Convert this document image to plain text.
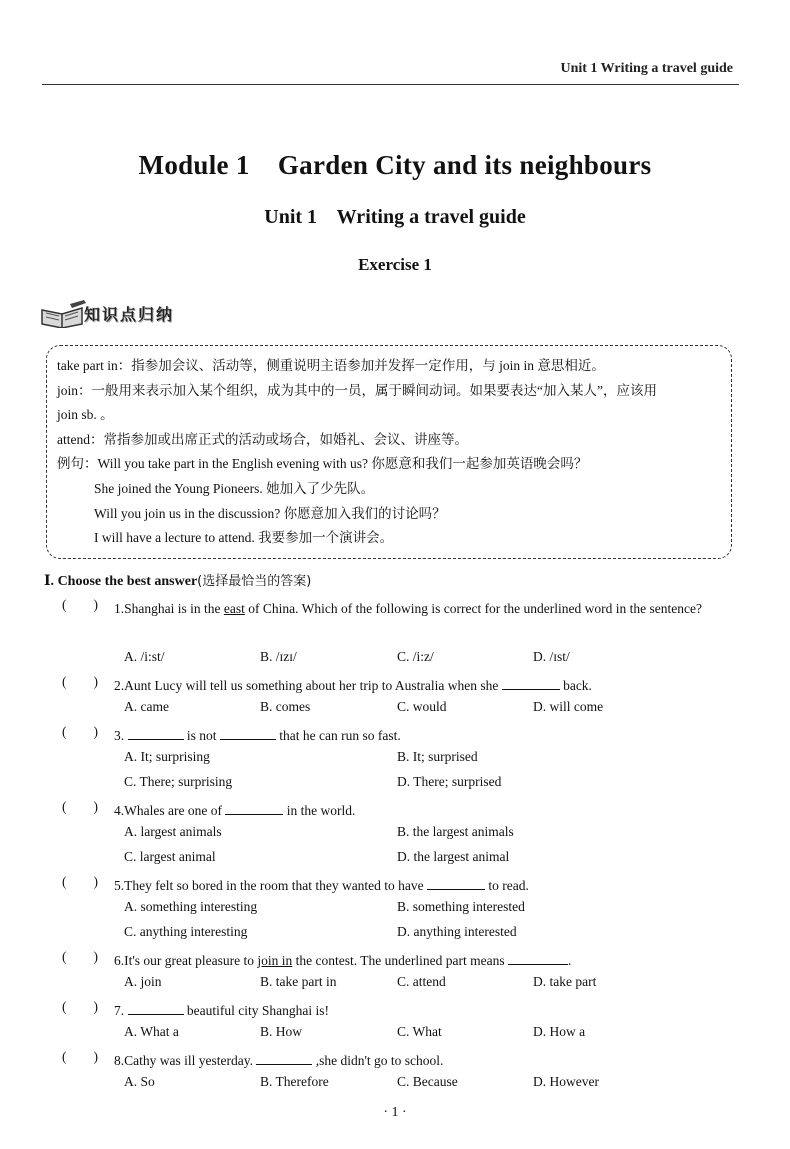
Unit 1 Writing a travel guide
Module 1    Garden City and its neighbours
Unit 1    Writing a travel guide
Exercise 1
知识点归纳
take part in：指参加会议、活动等，侧重说明主语参加并发挥一定作用，与 join in 意思相近。
join：一般用来表示加入某个组织，成为其中的一员，属于瞬间动词。如果要表达“加入某人”，应该用
join sb. 。
attend：常指参加或出席正式的活动或场合，如婚礼、会议、讲座等。
例句：Will you take part in the English evening with us? 你愿意和我们一起参加英语晚会吗？
She joined the Young Pioneers. 她加入了少先队。
Will you join us in the discussion? 你愿意加入我们的讨论吗？
I will have a lecture to attend. 我要参加一个演讲会。
Ⅰ. Choose the best answer(选择最恰当的答案)
(        ) 1.Shanghai is in the east of China. Which of the following is correct for the underlined word in the sentence?
A. /i:st/	B. /ɪzɪ/	C. /i:z/	D. /ɪst/
(        ) 2.Aunt Lucy will tell us something about her trip to Australia when she	back.
A. came	B. comes	C. would	D. will come
(        ) 3.	is not	that he can run so fast.
A. It; surprising	B. It; surprised
C. There; surprising	D. There; surprised
(        ) 4.Whales are one of	in the world.
A. largest animals	B. the largest animals
C. largest animal	D. the largest animal
(        ) 5.They felt so bored in the room that they wanted to have	to read.
A. something interesting	B. something interested
C. anything interesting	D. anything interested
(        ) 6.It's our great pleasure to join in the contest. The underlined part means	.
A. join	B. take part in	C. attend	D. take part
(        ) 7.	beautiful city Shanghai is!
A. What a	B. How	C. What	D. How a
(        ) 8.Cathy was ill yesterday.	,she didn't go to school.
A. So	B. Therefore	C. Because	D. However
· 1 ·
